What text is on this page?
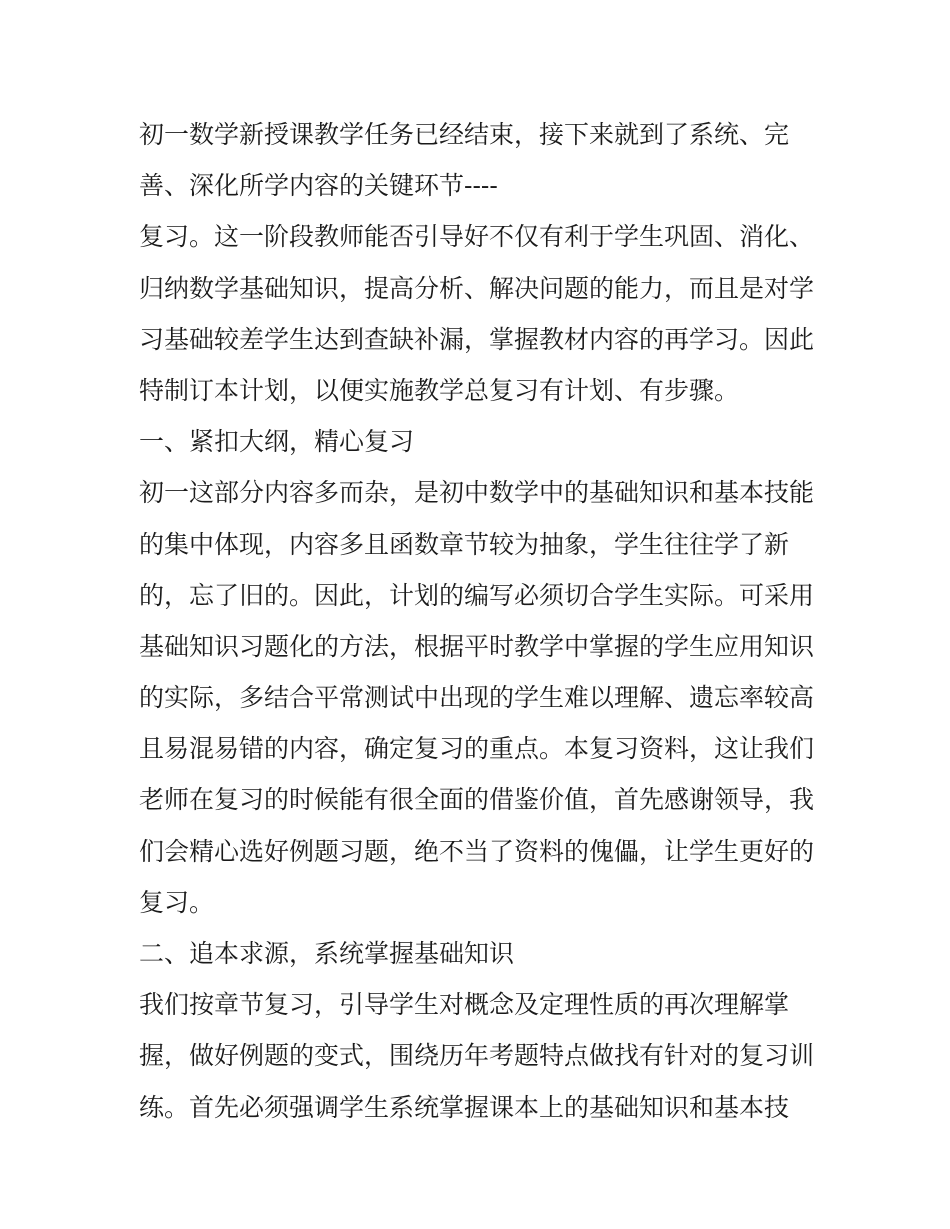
初一数学新授课教学任务已经结束，接下来就到了系统、完
善、深化所学内容的关键环节----
复习。这一阶段教师能否引导好不仅有利于学生巩固、消化、
归纳数学基础知识，提高分析、解决问题的能力，而且是对学
习基础较差学生达到查缺补漏，掌握教材内容的再学习。因此
特制订本计划，以便实施教学总复习有计划、有步骤。
一、紧扣大纲，精心复习
初一这部分内容多而杂，是初中数学中的基础知识和基本技能
的集中体现，内容多且函数章节较为抽象，学生往往学了新
的，忘了旧的。因此，计划的编写必须切合学生实际。可采用
基础知识习题化的方法，根据平时教学中掌握的学生应用知识
的实际，多结合平常测试中出现的学生难以理解、遗忘率较高
且易混易错的内容，确定复习的重点。本复习资料，这让我们
老师在复习的时候能有很全面的借鉴价值，首先感谢领导，我
们会精心选好例题习题，绝不当了资料的傀儡，让学生更好的
复习。
二、追本求源，系统掌握基础知识
我们按章节复习，引导学生对概念及定理性质的再次理解掌
握，做好例题的变式，围绕历年考题特点做找有针对的复习训
练。首先必须强调学生系统掌握课本上的基础知识和基本技
